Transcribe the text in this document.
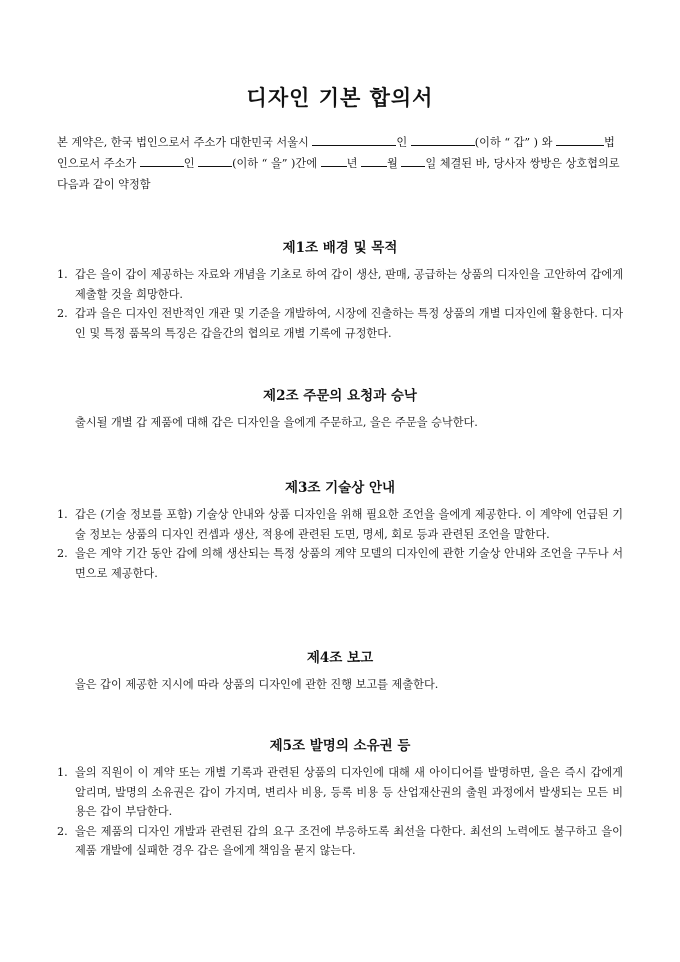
디자인 기본 합의서
본 계약은, 한국 법인으로서 주소가 대한민국 서울시	인	(이하 “ 갑” ) 와	법인으로서 주소가	인	(이하 “ 을” )간에 년 월 일 체결된 바, 당사자 쌍방은 상호협의로 다음과 같이 약정함
제1조 배경 및 목적
1. 갑은 을이 갑이 제공하는 자료와 개념을 기초로 하여 갑이 생산, 판매, 공급하는 상품의 디자인을 고안하여 갑에게 제출할 것을 희망한다.
2. 갑과 을은 디자인 전반적인 개관 및 기준을 개발하여, 시장에 진출하는 특정 상품의 개별 디자인에 활용한다. 디자인 및 특정 품목의 특징은 갑을간의 협의로 개별 기록에 규정한다.
제2조 주문의 요청과 승낙
출시될 개별 갑 제품에 대해 갑은 디자인을 을에게 주문하고, 을은 주문을 승낙한다.
제3조 기술상 안내
1. 갑은 (기술 정보를 포함) 기술상 안내와 상품 디자인을 위해 필요한 조언을 을에게 제공한다. 이 계약에 언급된 기술 정보는 상품의 디자인 컨셉과 생산, 적용에 관련된 도면, 명세, 회로 등과 관련된 조언을 말한다.
2. 을은 계약 기간 동안 갑에 의해 생산되는 특정 상품의 계약 모델의 디자인에 관한 기술상 안내와 조언을 구두나 서면으로 제공한다.
제4조 보고
을은 갑이 제공한 지시에 따라 상품의 디자인에 관한 진행 보고를 제출한다.
제5조 발명의 소유권 등
1. 을의 직원이 이 계약 또는 개별 기록과 관련된 상품의 디자인에 대해 새 아이디어를 발명하면, 을은 즉시 갑에게 알리며, 발명의 소유권은 갑이 가지며, 변리사 비용, 등록 비용 등 산업재산권의 출원 과정에서 발생되는 모든 비용은 갑이 부담한다.
2. 을은 제품의 디자인 개발과 관련된 갑의 요구 조건에 부응하도록 최선을 다한다. 최선의 노력에도 불구하고 을이 제품 개발에 실패한 경우 갑은 을에게 책임을 묻지 않는다.
